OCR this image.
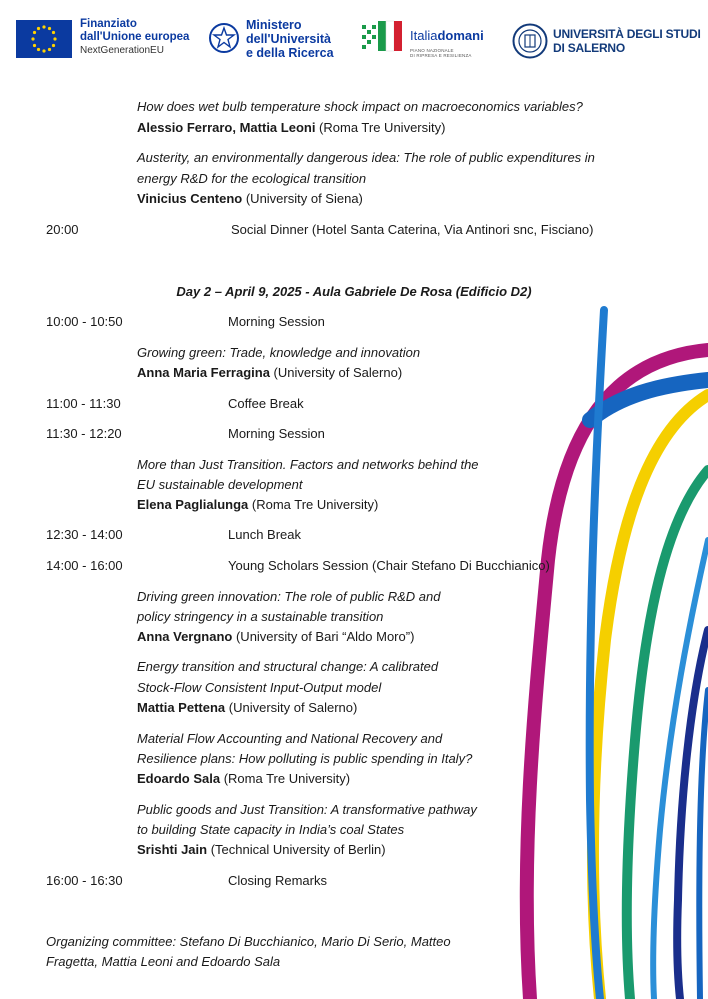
Finanziato
dall'Unione europea
NextGenerationEU
Ministero
dell'Università
e della Ricerca
Italiadomani
PIANO NAZIONALE
DI RIPRESA E RESILIENZA
UNIVERSITÀ DEGLI STUDI
DI SALERNO
How does wet bulb temperature shock impact on macroeconomics variables?
Alessio Ferraro, Mattia Leoni (Roma Tre University)
Austerity, an environmentally dangerous idea: The role of public expenditures in
energy R&D for the ecological transition
Vinicius Centeno (University of Siena)
20:00	Social Dinner (Hotel Santa Caterina, Via Antinori snc, Fisciano)
Day 2 – April 9, 2025 - Aula Gabriele De Rosa (Edificio D2)
10:00 - 10:50	Morning Session
Growing green: Trade, knowledge and innovation
Anna Maria Ferragina (University of Salerno)
11:00 - 11:30	Coffee Break
11:30 - 12:20	Morning Session
More than Just Transition. Factors and networks behind the
EU sustainable development
Elena Paglialunga (Roma Tre University)
12:30 - 14:00	Lunch Break
14:00 - 16:00	Young Scholars Session (Chair Stefano Di Bucchianico)
Driving green innovation: The role of public R&D and
policy stringency in a sustainable transition
Anna Vergnano (University of Bari “Aldo Moro”)
Energy transition and structural change: A calibrated
Stock-Flow Consistent Input-Output model
Mattia Pettena (University of Salerno)
Material Flow Accounting and National Recovery and
Resilience plans: How polluting is public spending in Italy?
Edoardo Sala (Roma Tre University)
Public goods and Just Transition: A transformative pathway
to building State capacity in India’s coal States
Srishti Jain (Technical University of Berlin)
16:00 - 16:30	Closing Remarks
Organizing committee: Stefano Di Bucchianico, Mario Di Serio, Matteo
Fragetta, Mattia Leoni and Edoardo Sala
